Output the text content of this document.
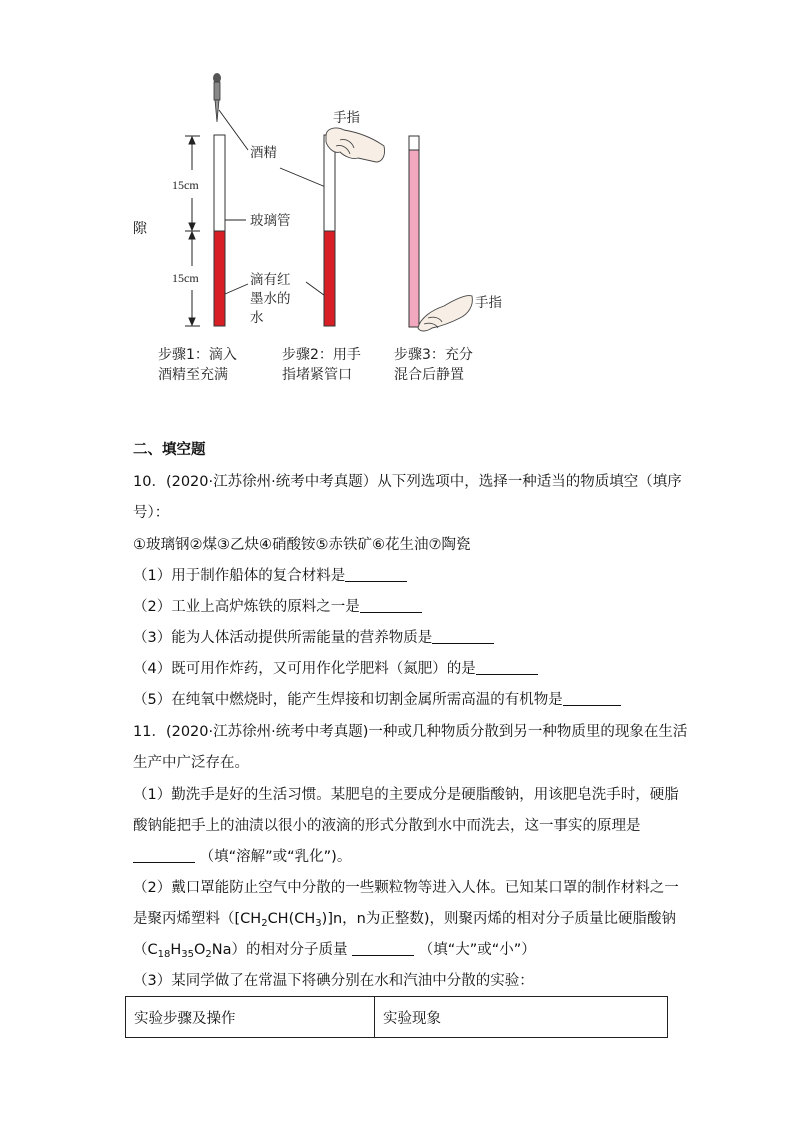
15cm
15cm
酒精
玻璃管
滴有红
墨水的
水
手指
手指
步骤1：滴入
酒精至充满
步骤2：用手
指堵紧管口
步骤3：充分
混合后静置
隙
二、填空题
10．(2020·江苏徐州·统考中考真题）从下列选项中，选择一种适当的物质填空（填序
号）：
①玻璃钢②煤③乙炔④硝酸铵⑤赤铁矿⑥花生油⑦陶瓷
（1）用于制作船体的复合材料是
（2）工业上高炉炼铁的原料之一是
（3）能为人体活动提供所需能量的营养物质是
（4）既可用作炸药，又可用作化学肥料（氮肥）的是
（5）在纯氧中燃烧时，能产生焊接和切割金属所需高温的有机物是
11．(2020·江苏徐州·统考中考真题)一种或几种物质分散到另一种物质里的现象在生活
生产中广泛存在。
（1）勤洗手是好的生活习惯。某肥皂的主要成分是硬脂酸钠，用该肥皂洗手时，硬脂
酸钠能把手上的油渍以很小的液滴的形式分散到水中而洗去，这一事实的原理是
（填“溶解”或“乳化”)。
（2）戴口罩能防止空气中分散的一些颗粒物等进入人体。已知某口罩的制作材料之一
是聚丙烯塑料（$[CH_2CH(CH_3)]n$，n为正整数)，则聚丙烯的相对分子质量比硬脂酸钠
$(C_{18}H_{35}O_2Na)$的相对分子质量	（填“大”或“小”）
（3）某同学做了在常温下将碘分别在水和汽油中分散的实验：
实验步骤及操作	实验现象
